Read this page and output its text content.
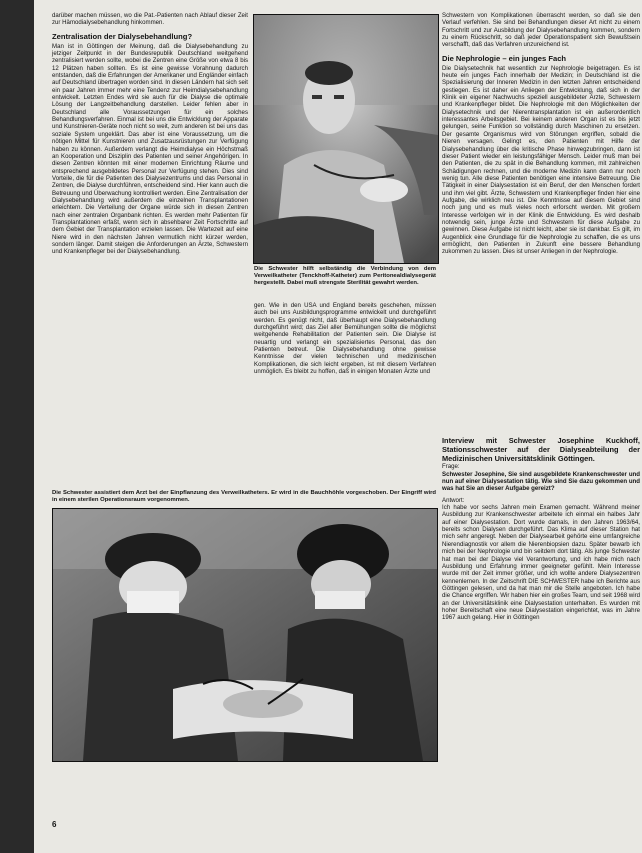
darüber machen müssen, wo die Pat.-Patienten nach Ablauf dieser Zeit zur Hämodialysebehandlung hinkommen.

Zentralisation der Dialysebehandlung?

Man ist in Göttingen der Meinung, daß die Dialysebehandlung zu jetziger Zeitpunkt in der Bundesrepublik Deutschland weitgehend zentralisiert werden sollte, wobei die Zentren eine Größe von etwa 8 bis 12 Plätzen haben sollten. Es ist eine gewisse Vorahnung dadurch entstanden, daß die Erfahrungen der Amerikaner und Engländer einfach auf Deutschland übertragen worden sind. In diesen Ländern hat sich seit ein paar Jahren immer mehr eine Tendenz zur Heimdialysebehandlung entwickelt. Letzten Endes wird sie auch für die Dialyse die optimale Lösung der Langzeitbehandlung darstellen. Leider fehlen aber in Deutschland alle Voraussetzungen für ein solches Behandlungsverfahren. Einmal ist bei uns die Entwicklung der Apparate und Kunstnieren-Geräte noch nicht so weit, zum anderen ist bei uns das soziale System ungeklärt. Das aber ist eine Voraussetzung, um die nötigen Mittel für Kunstnieren und Zusatzausrüstungen zur Verfügung haben zu können. Außerdem verlangt die Heimdialyse ein Höchstmaß an Kooperation und Disziplin des Patienten und seiner Angehörigen. In diesen Zentren könnten mit einer modernen Einrichtung Räume und entsprechend ausgebildetes Personal zur Verfügung stehen. Dies sind Vorteile, die für die Patienten des Dialysezentrums und das Personal in Zentren, die Dialyse durchführen, entscheidend sind. Hier kann auch die Betreuung und Überwachung kontrolliert werden. Eine Zentralisation der Dialysebehandlung wird außerdem die einzelnen Transplantationen erleichtern. Die Verteilung der Organe würde sich in diesen Zentren nach einer zentralen Organbank richten. Es werden mehr Patienten für Transplantationen erfaßt, wenn sich in absehbarer Zeit Fortschritte auf dem Gebiet der Transplantation erzielen lassen. Die Wartezeit auf eine Niere wird in den nächsten Jahren vermutlich nicht kürzer werden, sondern länger. Damit steigen die Anforderungen an Ärzte, Schwestern und Krankenpfleger bei der Dialysebehandlung.

Die Schwester hilft selbständig die Verbindung von dem Verweilkatheter (Tenckhoff-Katheter) zum Peritonealdialysegerät hergestellt. Dabei muß strengste Sterilität gewahrt werden.

gen. Wie in den USA und England bereits geschehen, müssen auch bei uns Ausbildungsprogramme entwickelt und durchgeführt werden. Es genügt nicht, daß überhaupt eine Dialysebehandlung durchgeführt wird; das Ziel aller Bemühungen sollte die möglichst weitgehende Rehabilitation der Patienten sein. Die Dialyse ist neuartig und verlangt ein spezialisiertes Personal, das den Patienten betreut. Die Dialysebehandlung ohne gewisse Kenntnisse der vielen technischen und medizinischen Komplikationen, die sich leicht ergeben, ist mit diesem Verfahren unmöglich. Es bleibt zu hoffen, daß in einigen Monaten Ärzte und

Schwestern von Komplikationen überrascht werden, so daß sie den Verlauf verfehlen. Sie sind bei Behandlungen dieser Art nicht zu einem Fortschritt und zur Ausbildung der Dialysebehandlung kommen, sondern zu einem Rückschritt, so daß jeder Operationspatient sich Bewußtsein verschafft, daß das Verfahren unzureichend ist.

Die Nephrologie – ein junges Fach

Die Dialysetechnik hat wesentlich zur Nephrologie beigetragen. Es ist heute ein junges Fach innerhalb der Medizin; in Deutschland ist die Spezialisierung der Inneren Medizin in den letzten Jahren entscheidend gestiegen. Es ist daher ein Anliegen der Entwicklung, daß sich in der Klinik ein eigener Nachwuchs speziell ausgebildeter Ärzte, Schwestern und Krankenpfleger bildet. Die Nephrologie mit den Möglichkeiten der Dialysetechnik und der Nierentransplantation ist ein außerordentlich interessantes Arbeitsgebiet. Bei keinem anderen Organ ist es bis jetzt gelungen, seine Funktion so vollständig durch Maschinen zu ersetzen. Der gesamte Organismus wird von Störungen ergriffen, sobald die Nieren versagen. Gelingt es, den Patienten mit Hilfe der Dialysebehandlung über die kritische Phase hinwegzubringen, dann ist dieser Patient wieder ein leistungsfähiger Mensch. Leider muß man bei den Patienten, die zu spät in die Behandlung kommen, mit zahlreichen Schädigungen rechnen, und die moderne Medizin kann dann nur noch wenig tun. Alle diese Patienten benötigen eine intensive Betreuung. Die Tätigkeit in einer Dialysestation ist ein Beruf, der den Menschen fordert und ihm viel gibt. Ärzte, Schwestern und Krankenpfleger finden hier eine Aufgabe, die wirklich neu ist. Die Kenntnisse auf diesem Gebiet sind noch jung und es muß vieles noch erforscht werden. Mit großem Interesse verfolgen wir in der Klinik die Entwicklung. Es wird deshalb notwendig sein, junge Ärzte und Schwestern für diese Aufgabe zu gewinnen. Diese Aufgabe ist nicht leicht, aber sie ist dankbar. Es gilt, im Augenblick eine Grundlage für die Nephrologie zu schaffen, die es uns ermöglicht, den Patienten in Zukunft eine bessere Behandlung zukommen zu lassen. Dies ist unser Anliegen in der Nephrologie.

Interview mit Schwester Josephine Kuckhoff, Stationsschwester auf der Dialyseabteilung der Medizinischen Universitätsklinik Göttingen.

Frage:

Schwester Josephine, Sie sind ausgebildete Krankenschwester und nun auf einer Dialysestation tätig. Wie sind Sie dazu gekommen und was hat Sie an dieser Aufgabe gereizt?

Antwort:

Ich habe vor sechs Jahren mein Examen gemacht. Während meiner Ausbildung zur Krankenschwester arbeitete ich einmal ein halbes Jahr auf einer Dialysestation. Dort wurde damals, in den Jahren 1963/64, bereits schon Dialysen durchgeführt. Das Klima auf dieser Station hat mich sehr angeregt. Neben der Dialysearbeit gehörte eine umfangreiche Nierendiagnostik vor allem die Nierenbiopsien dazu. Später bewarb ich mich bei der Nephrologie und bin seitdem dort tätig. Als junge Schwester hat man bei der Dialyse viel Verantwortung, und ich habe mich nach Ausbildung und Erfahrung immer geeigneter gefühlt. Mein Interesse wurde mit der Zeit immer größer, und ich wollte andere Dialysezentren kennenlernen. In der Zeitschrift DIE SCHWESTER habe ich Berichte aus Göttingen gelesen, und da hat man mir die Stelle angeboten. Ich habe die Chance ergriffen. Wir haben hier ein großes Team, und seit 1968 wird an der Universitätsklinik eine Dialysestation unterhalten. Es wurden mit hoher Bereitschaft eine neue Dialysestation eingerichtet, was im Jahre 1967 auch gelang. Hier in Göttingen

Die Schwester assistiert dem Arzt bei der Einpflanzung des Verweilkatheters. Er wird in die Bauchhöhle vorgeschoben. Der Eingriff wird in einem sterilen Operationsraum vorgenommen.
6
